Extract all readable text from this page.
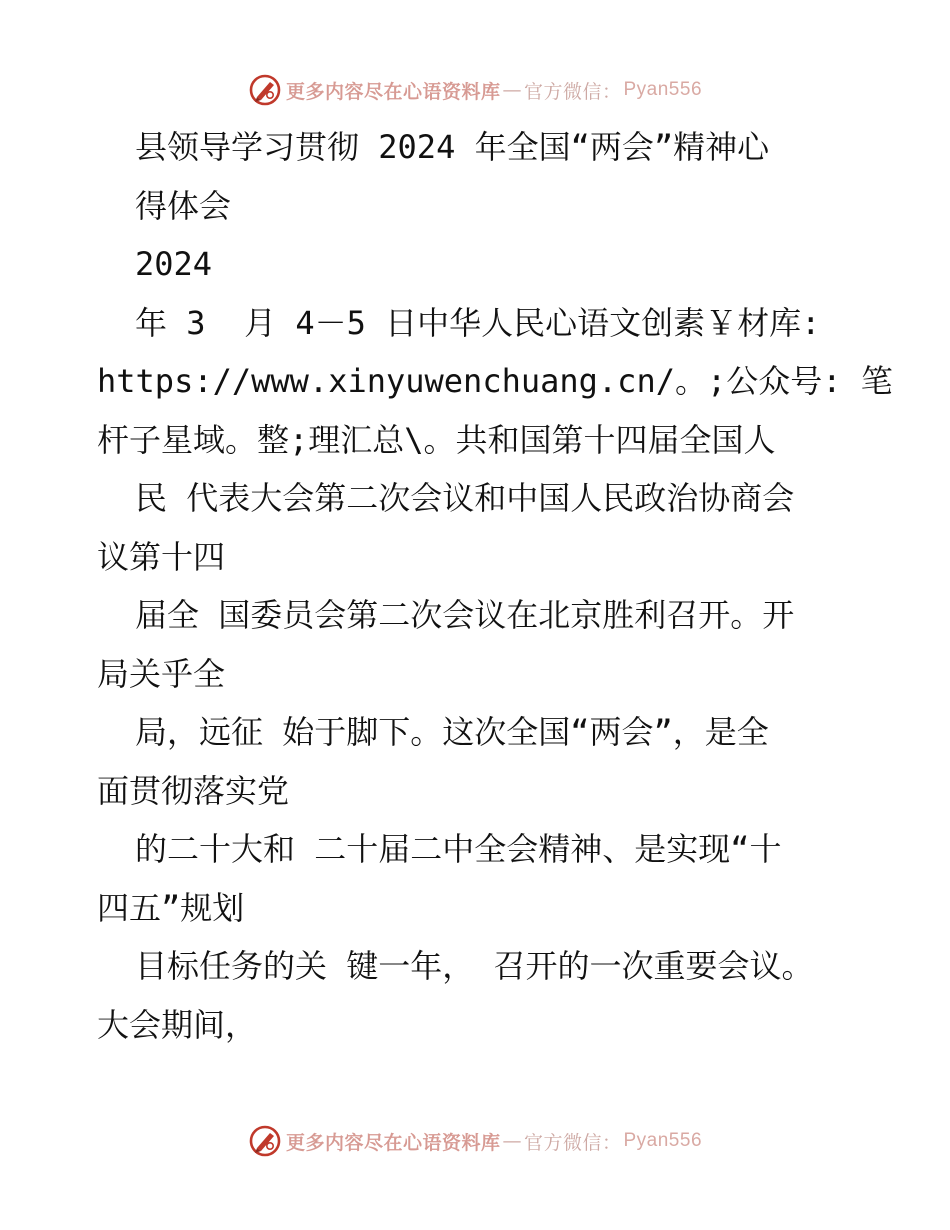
更多内容尽在心语资料库 — 官方微信： Pyan556
县领导学习贯彻 2024 年全国“两会”精神心
得体会
2024
年 3  月 4－5 日中华人民心语文创素￥材库:
https://www.xinyuwenchuang.cn/。;公众号: 笔
杆子星域。整;理汇总\。共和国第十四届全国人
民 代表大会第二次会议和中国人民政治协商会
议第十四
届全 国委员会第二次会议在北京胜利召开。开
局关乎全
局，远征 始于脚下。这次全国“两会”，是全
面贯彻落实党
的二十大和 二十届二中全会精神、是实现“十
四五”规划
目标任务的关 键一年， 召开的一次重要会议。
大会期间，
更多内容尽在心语资料库 — 官方微信： Pyan556
